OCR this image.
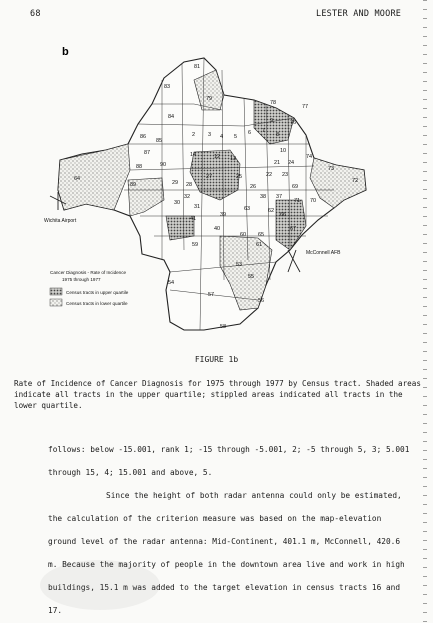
68	LESTER AND MOORE
b
81
83
79
84
86
85
87	14
88
89
2 3 4 5
6 7
8
9
10
12 13
77
76
78
74
73
72
90
29 28
27	25	22
21 24
23
26	69
30
39
40
41
31
53
54
57
55
56
58
64
65
66
67
70
71
62
61
60
63
37
38
59
32
Wichita Airport
McConnell AFB
Cancer Diagnosis - Rate of Incidence
1975 through 1977
Census tracts in upper quartile
Census tracts in lower quartile
FIGURE 1b

Rate of Incidence of Cancer Diagnosis for 1975 through 1977 by Census tract. Shaded areas indicate all tracts in the upper quartile; stippled areas indicated all tracts in the lower quartile.

follows: below -15.001, rank 1; -15 through -5.001, 2; -5 through 5, 3; 5.001 through 15, 4; 15.001 and above, 5.

Since the height of both radar antenna could only be estimated, the calculation of the criterion measure was based on the map-elevation ground level of the radar antenna: Mid-Continent, 401.1 m, McConnell, 420.6 m. Because the majority of people in the downtown area live and work in high buildings, 15.1 m was added to the target elevation in census tracts 16 and 17.
